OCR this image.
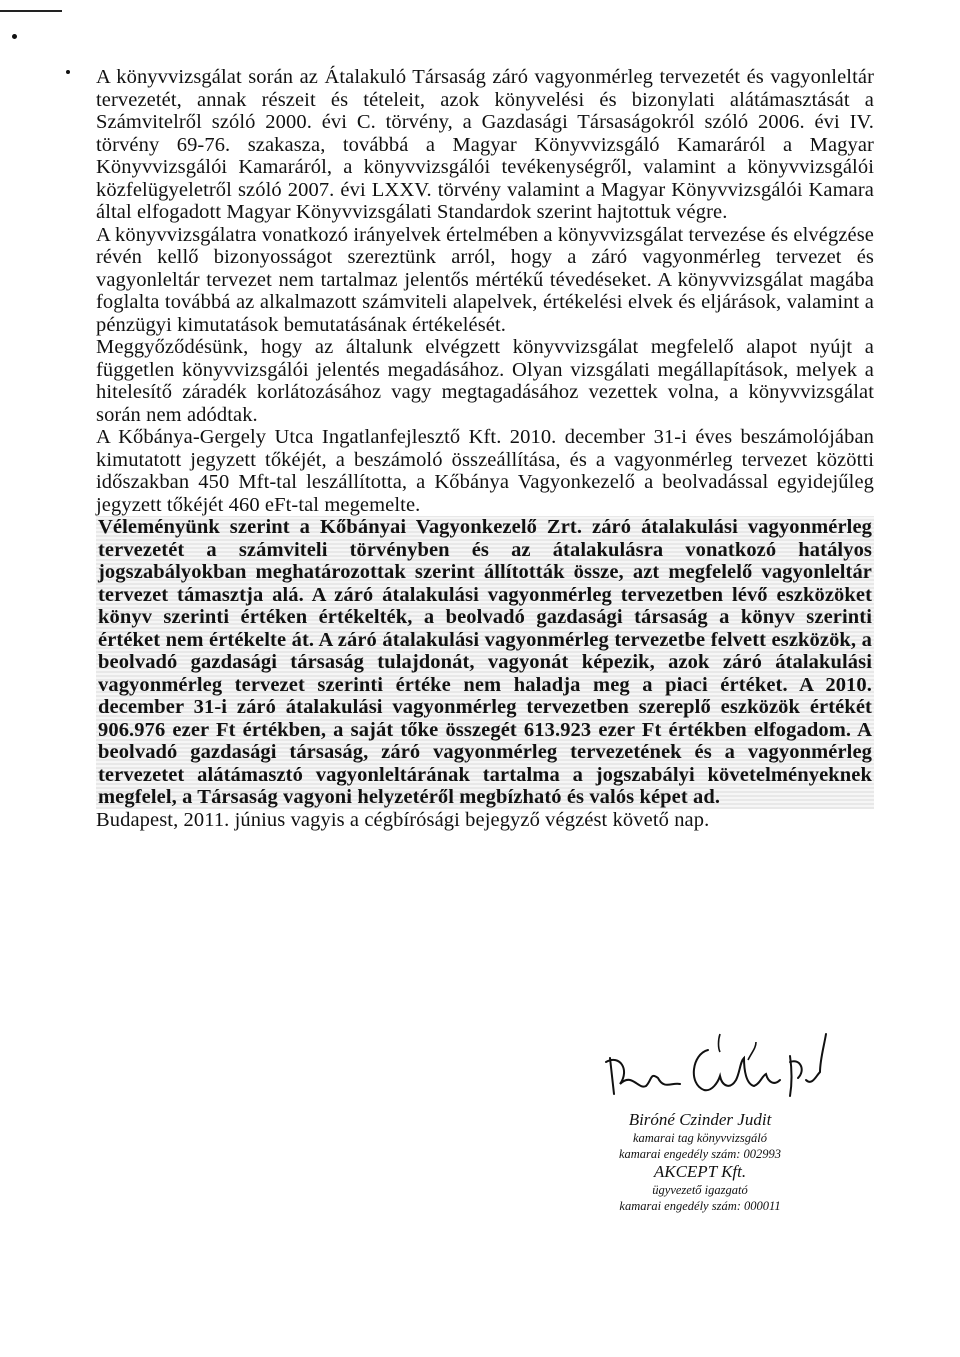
A könyvvizsgálat során az Átalakuló Társaság záró vagyonmérleg tervezetét és vagyonleltár tervezetét, annak részeit és tételeit, azok könyvelési és bizonylati alátámasztását a Számvitelről szóló 2000. évi C. törvény, a Gazdasági Társaságokról szóló 2006. évi IV. törvény 69-76. szakasza, továbbá a Magyar Könyvvizsgáló Kamaráról a Magyar Könyvvizsgálói Kamaráról, a könyvvizsgálói tevékenységről, valamint a könyvvizsgálói közfelügyeletről szóló 2007. évi LXXV. törvény valamint a Magyar Könyvvizsgálói Kamara által elfogadott Magyar Könyvvizsgálati Standardok szerint hajtottuk végre.

A könyvvizsgálatra vonatkozó irányelvek értelmében a könyvvizsgálat tervezése és elvégzése révén kellő bizonyosságot szereztünk arról, hogy a záró vagyonmérleg tervezet és vagyonleltár tervezet nem tartalmaz jelentős mértékű tévedéseket. A könyvvizsgálat magába foglalta továbbá az alkalmazott számviteli alapelvek, értékelési elvek és eljárások, valamint a pénzügyi kimutatások bemutatásának értékelését.

Meggyőződésünk, hogy az általunk elvégzett könyvvizsgálat megfelelő alapot nyújt a független könyvvizsgálói jelentés megadásához. Olyan vizsgálati megállapítások, melyek a hitelesítő záradék korlátozásához vagy megtagadásához vezettek volna, a könyvvizsgálat során nem adódtak.

A Kőbánya-Gergely Utca Ingatlanfejlesztő Kft. 2010. december 31-i éves beszámolójában kimutatott jegyzett tőkéjét, a beszámoló összeállítása, és a vagyonmérleg tervezet közötti időszakban 450 Mft-tal leszállította, a Kőbánya Vagyonkezelő a beolvadással egyidejűleg jegyzett tőkéjét 460 eFt-tal megemelte.

Véleményünk szerint a Kőbányai Vagyonkezelő Zrt. záró átalakulási vagyonmérleg tervezetét a számviteli törvényben és az átalakulásra vonatkozó hatályos jogszabályokban meghatározottak szerint állították össze, azt megfelelő vagyonleltár tervezet támasztja alá. A záró átalakulási vagyonmérleg tervezetben lévő eszközöket könyv szerinti értéken értékelték, a beolvadó gazdasági társaság a könyv szerinti értéket nem értékelte át. A záró átalakulási vagyonmérleg tervezetbe felvett eszközök, a beolvadó gazdasági társaság tulajdonát, vagyonát képezik, azok záró átalakulási vagyonmérleg tervezet szerinti értéke nem haladja meg a piaci értéket. A 2010. december 31-i záró átalakulási vagyonmérleg tervezetben szereplő eszközök értékét 906.976 ezer Ft értékben, a saját tőke összegét 613.923 ezer Ft értékben elfogadom. A beolvadó gazdasági társaság, záró vagyonmérleg tervezetének és a vagyonmérleg tervezetet alátámasztó vagyonleltárának tartalma a jogszabályi követelményeknek megfelel, a Társaság vagyoni helyzetéről megbízható és valós képet ad.

Budapest, 2011. június vagyis a cégbírósági bejegyző végzést követő nap.

Biróné Czinder Judit
kamarai tag könyvvizsgáló
kamarai engedély szám: 002993
AKCEPT Kft.
ügyvezető igazgató
kamarai engedély szám: 000011
